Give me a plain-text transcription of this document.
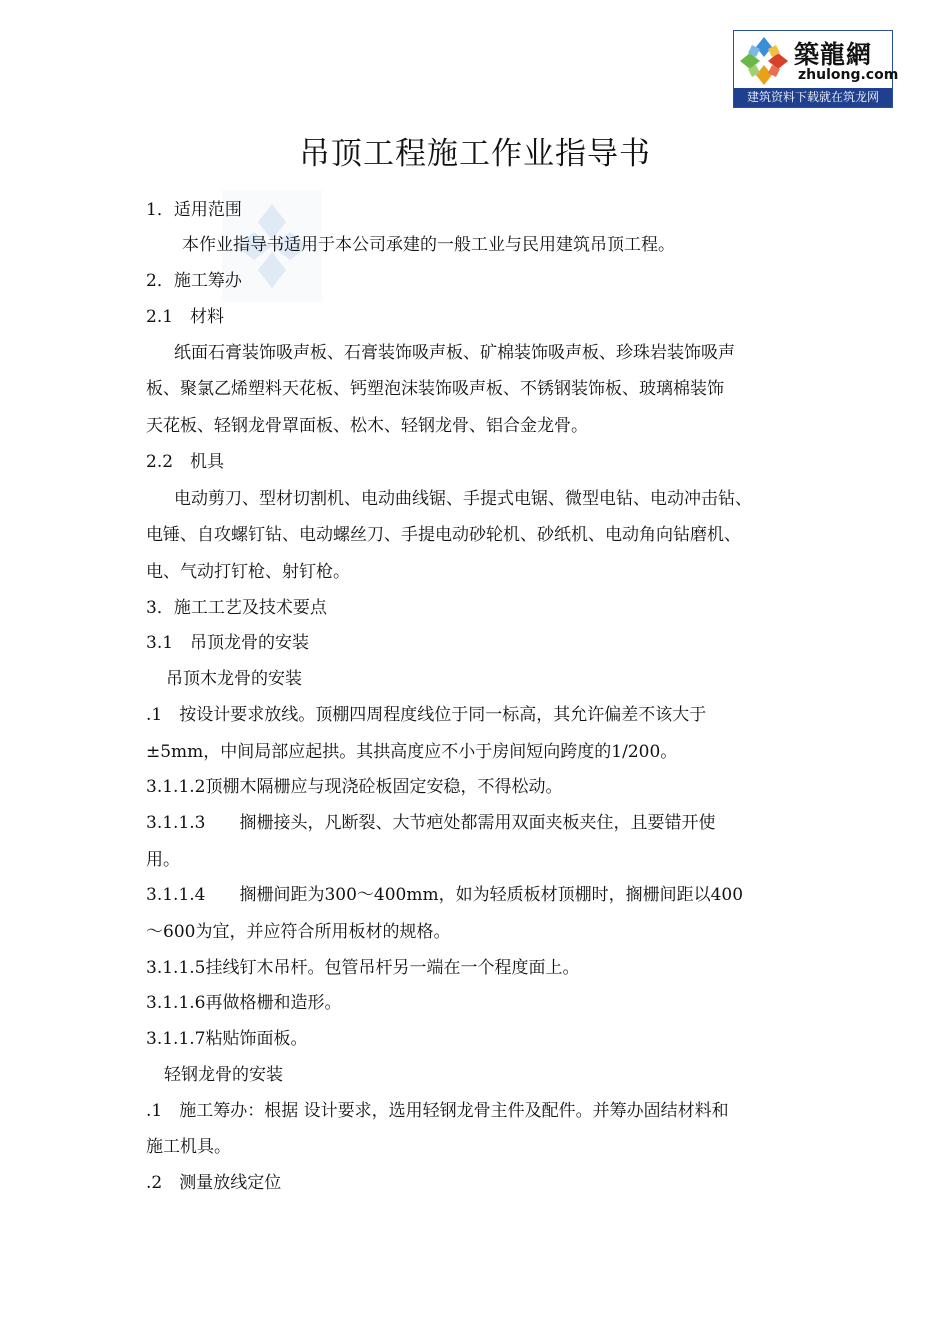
築龍網
zhulong.com
建筑资料下载就在筑龙网
吊顶工程施工作业指导书
1．适用范围
本作业指导书适用于本公司承建的一般工业与民用建筑吊顶工程。
2．施工筹办
2.1　材料
纸面石膏装饰吸声板、石膏装饰吸声板、矿棉装饰吸声板、珍珠岩装饰吸声
板、聚氯乙烯塑料天花板、钙塑泡沫装饰吸声板、不锈钢装饰板、玻璃棉装饰
天花板、轻钢龙骨罩面板、松木、轻钢龙骨、铝合金龙骨。
2.2　机具
电动剪刀、型材切割机、电动曲线锯、手提式电锯、微型电钻、电动冲击钻、
电锤、自攻螺钉钻、电动螺丝刀、手提电动砂轮机、砂纸机、电动角向钻磨机、
电、气动打钉枪、射钉枪。
3．施工工艺及技术要点
3.1　吊顶龙骨的安装
吊顶木龙骨的安装
.1　按设计要求放线。顶棚四周程度线位于同一标高，其允许偏差不该大于
±5mm，中间局部应起拱。其拱高度应不小于房间短向跨度的1/200。
3.1.1.2顶棚木隔栅应与现浇砼板固定安稳，不得松动。
3.1.1.3　　搁栅接头，凡断裂、大节疤处都需用双面夹板夹住，且要错开使
用。
3.1.1.4　　搁栅间距为300～400mm，如为轻质板材顶棚时，搁栅间距以400
～600为宜，并应符合所用板材的规格。
3.1.1.5挂线钉木吊杆。包管吊杆另一端在一个程度面上。
3.1.1.6再做格栅和造形。
3.1.1.7粘贴饰面板。
轻钢龙骨的安装
.1　施工筹办：根据 设计要求，选用轻钢龙骨主件及配件。并筹办固结材料和
施工机具。
.2　测量放线定位
